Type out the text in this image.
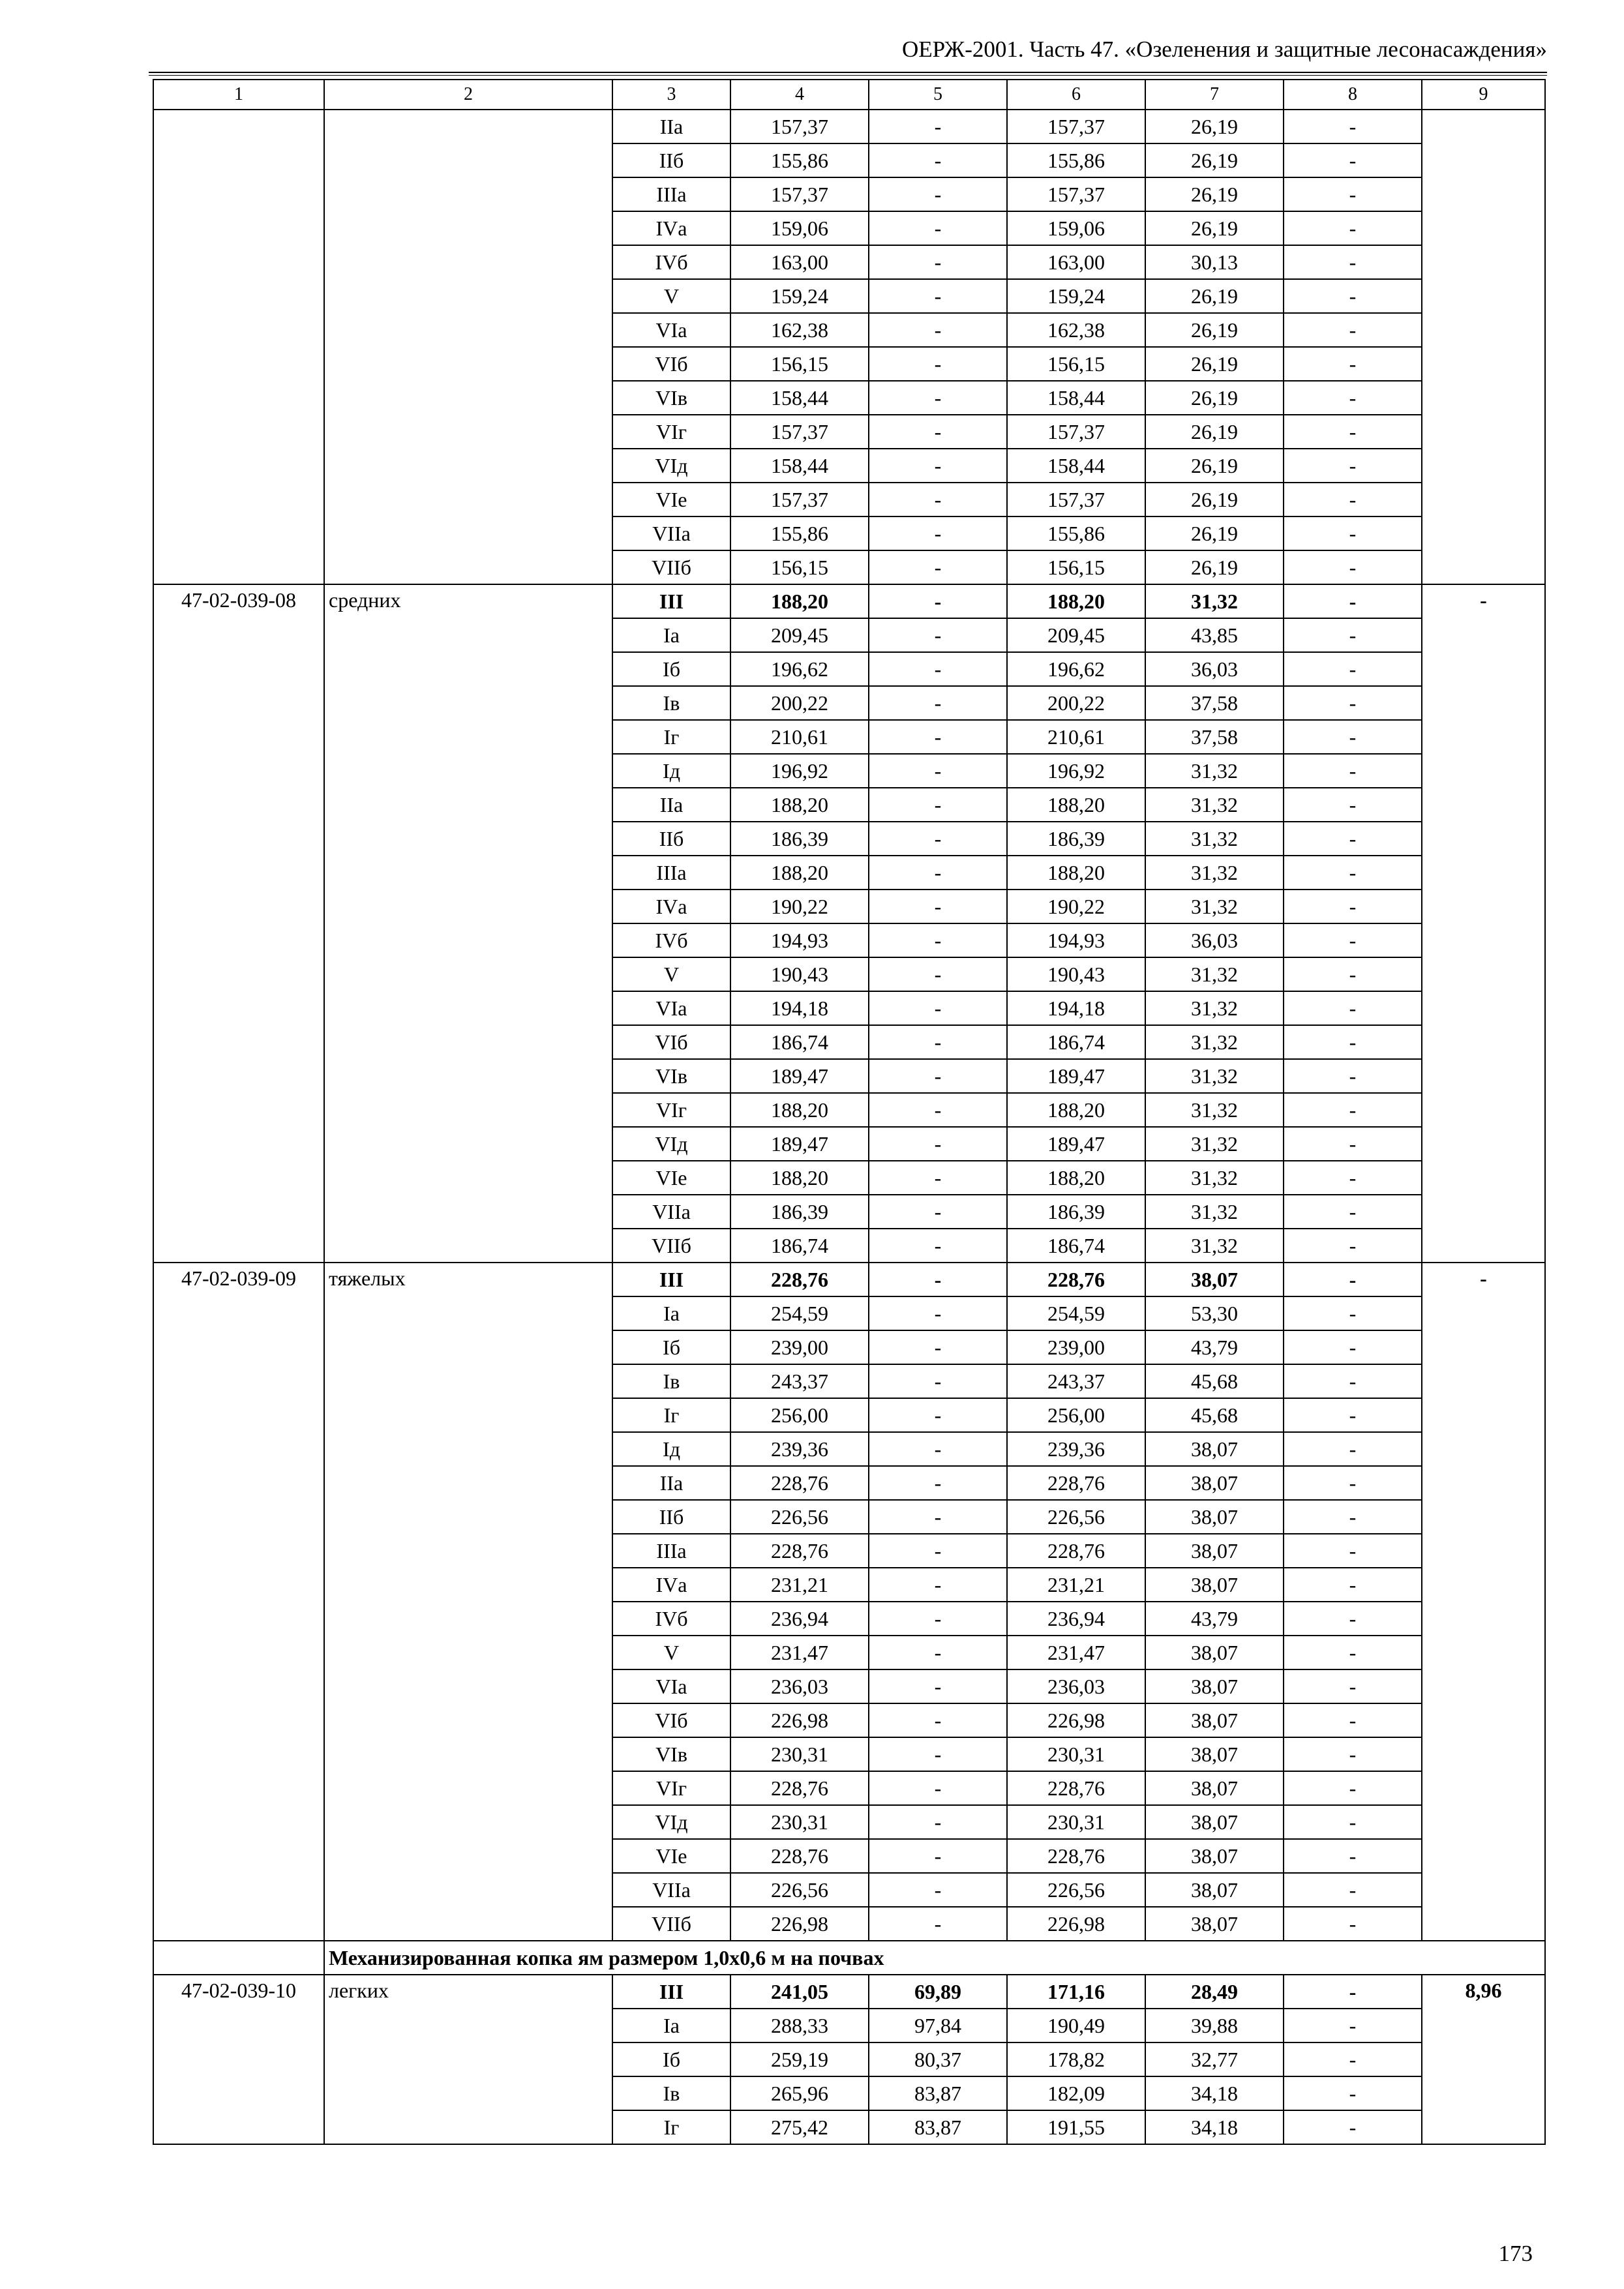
ОЕРЖ-2001. Часть 47. «Озеленения и защитные лесонасаждения»
1	2	3	4	5	6	7	8	9
		IIа	157,37	-	157,37	26,19	-	
		IIб	155,86	-	155,86	26,19	-	
		IIIа	157,37	-	157,37	26,19	-	
		IVа	159,06	-	159,06	26,19	-	
		IVб	163,00	-	163,00	30,13	-	
		V	159,24	-	159,24	26,19	-	
		VIа	162,38	-	162,38	26,19	-	
		VIб	156,15	-	156,15	26,19	-	
		VIв	158,44	-	158,44	26,19	-	
		VIг	157,37	-	157,37	26,19	-	
		VIд	158,44	-	158,44	26,19	-	
		VIе	157,37	-	157,37	26,19	-	
		VIIа	155,86	-	155,86	26,19	-	
		VIIб	156,15	-	156,15	26,19	-	
47-02-039-08	средних	III	188,20	-	188,20	31,32	-	-
		Iа	209,45	-	209,45	43,85	-	
		Iб	196,62	-	196,62	36,03	-	
		Iв	200,22	-	200,22	37,58	-	
		Iг	210,61	-	210,61	37,58	-	
		Iд	196,92	-	196,92	31,32	-	
		IIа	188,20	-	188,20	31,32	-	
		IIб	186,39	-	186,39	31,32	-	
		IIIа	188,20	-	188,20	31,32	-	
		IVа	190,22	-	190,22	31,32	-	
		IVб	194,93	-	194,93	36,03	-	
		V	190,43	-	190,43	31,32	-	
		VIа	194,18	-	194,18	31,32	-	
		VIб	186,74	-	186,74	31,32	-	
		VIв	189,47	-	189,47	31,32	-	
		VIг	188,20	-	188,20	31,32	-	
		VIд	189,47	-	189,47	31,32	-	
		VIе	188,20	-	188,20	31,32	-	
		VIIа	186,39	-	186,39	31,32	-	
		VIIб	186,74	-	186,74	31,32	-	
47-02-039-09	тяжелых	III	228,76	-	228,76	38,07	-	-
		Iа	254,59	-	254,59	53,30	-	
		Iб	239,00	-	239,00	43,79	-	
		Iв	243,37	-	243,37	45,68	-	
		Iг	256,00	-	256,00	45,68	-	
		Iд	239,36	-	239,36	38,07	-	
		IIа	228,76	-	228,76	38,07	-	
		IIб	226,56	-	226,56	38,07	-	
		IIIа	228,76	-	228,76	38,07	-	
		IVа	231,21	-	231,21	38,07	-	
		IVб	236,94	-	236,94	43,79	-	
		V	231,47	-	231,47	38,07	-	
		VIа	236,03	-	236,03	38,07	-	
		VIб	226,98	-	226,98	38,07	-	
		VIв	230,31	-	230,31	38,07	-	
		VIг	228,76	-	228,76	38,07	-	
		VIд	230,31	-	230,31	38,07	-	
		VIе	228,76	-	228,76	38,07	-	
		VIIа	226,56	-	226,56	38,07	-	
		VIIб	226,98	-	226,98	38,07	-	
	Механизированная копка ям размером 1,0х0,6 м на почвах							
47-02-039-10	легких	III	241,05	69,89	171,16	28,49	-	8,96
		Iа	288,33	97,84	190,49	39,88	-	
		Iб	259,19	80,37	178,82	32,77	-	
		Iв	265,96	83,87	182,09	34,18	-	
		Iг	275,42	83,87	191,55	34,18	-	
173
